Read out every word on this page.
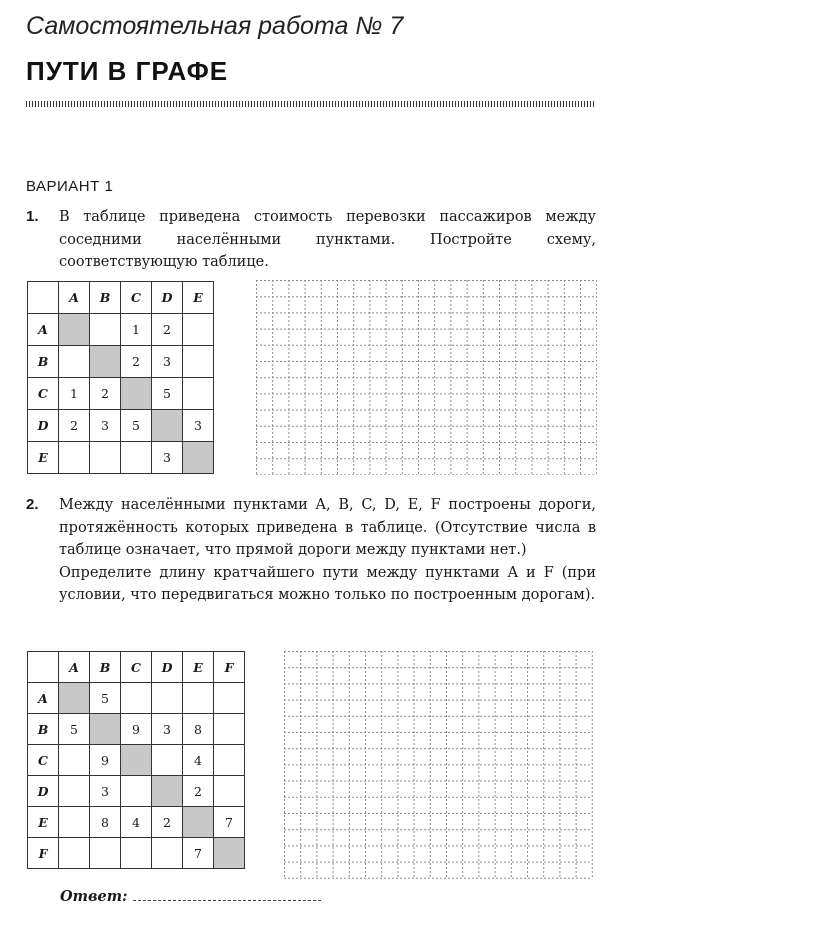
Самостоятельная работа № 7
ПУТИ В ГРАФЕ
ВАРИАНТ 1
1. В таблице приведена стоимость перевозки пассажиров между соседними населёнными пунктами. Постройте схему, соответствующую таблице.

	A	B	C	D	E
A			1	2	
B			2	3	
C	1	2		5	
D	2	3	5		3
E				3	
2. Между населёнными пунктами A, B, C, D, E, F построены дороги, протяжённость которых приведена в таблице. (Отсутствие числа в таблице означает, что прямой дороги между пунктами нет.)

Определите длину кратчайшего пути между пунктами A и F (при условии, что передвигаться можно только по построенным дорогам).

	A	B	C	D	E	F
A		5				
B	5		9	3	8	
C		9			4	
D		3			2	
E		8	4	2		7
F					7	
Ответ:
